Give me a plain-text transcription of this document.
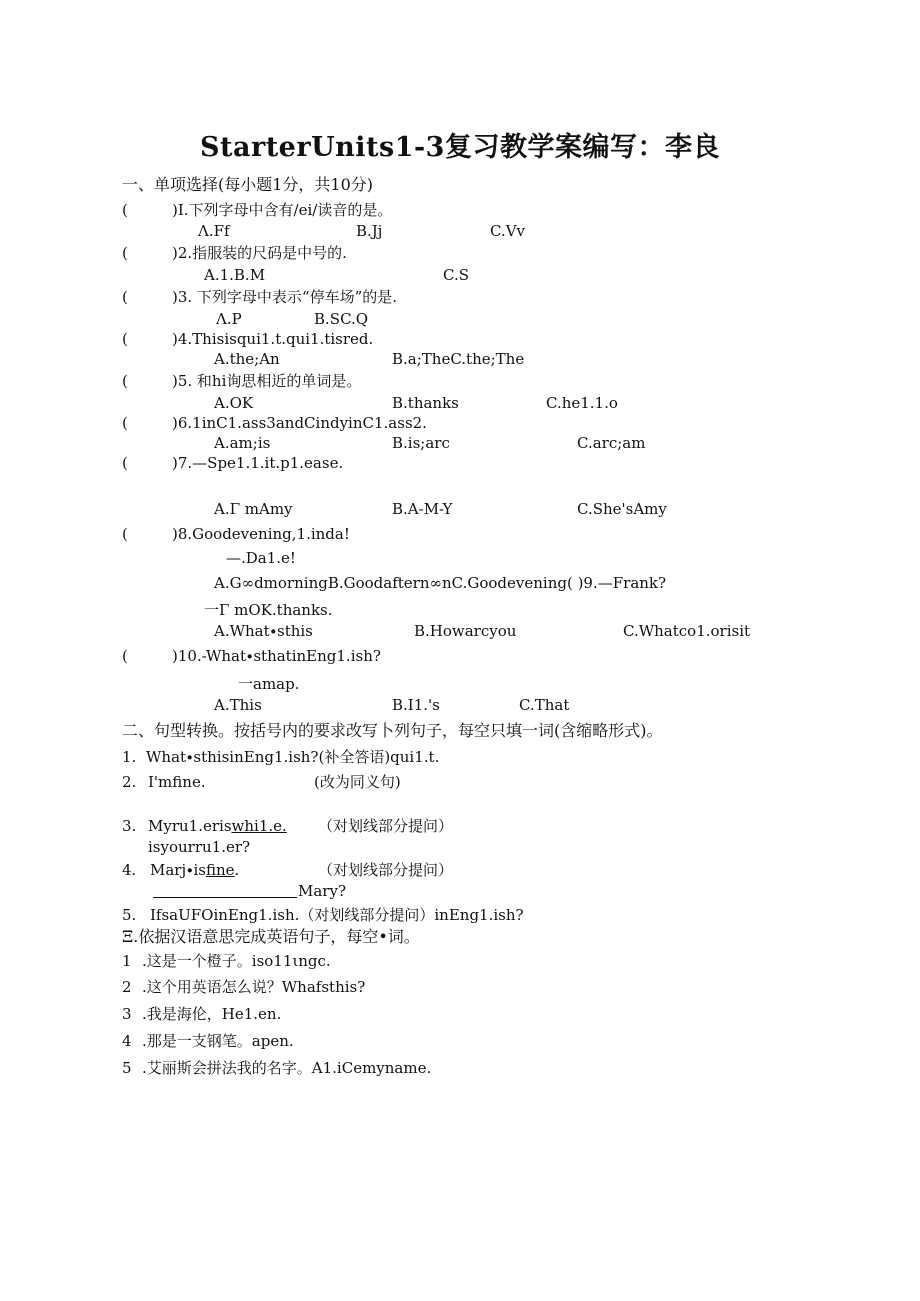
StarterUnits1-3复习教学案编写：李良
一、单项选择(每小题1分，共10分)
(	)I.下列字母中含有/ei/读音的是。
Λ.Ff	B.Jj	C.Vv
(	)2.指服装的尺码是中号的.
A.1.B.M	C.S
(	)3. 下列字母中表示“停车场”的是.
Λ.P	B.SC.Q
(	)4.Thisisqui1.t.qui1.tisred.
A.the;An	B.a;TheC.the;The
(	)5. 和hi询思相近的单词是。
A.OK	B.thanks	C.he1.1.o
(	)6.1inC1.ass3andCindyinC1.ass2.
A.am;is	B.is;arc	C.arc;am
(	)7.—Spe1.1.it.p1.ease.
A.Γ mAmy	B.A-M-Y	C.She'sAmy
(	)8.Goodevening,1.inda!
—.Da1.e!
A.G∞dmorningB.Goodaftern∞nC.Goodevening( )9.—Frank?
一Γ mOK.thanks.
A.What∙sthis	B.Howarcyou	C.Whatco1.orisit
(	)10.-What∙sthatinEng1.ish?
一amap.
A.This	B.I1.'s	C.That
二、句型转换。按括号内的要求改写卜列句子，每空只填一词(含缩略形式)。
1. What∙sthisinEng1.ish?(补全答语)qui1.t.
2. I'mfine.	(改为同义句)
3. Myru1.eriswhi1.e. （对划线部分提问）
isyourru1.er?
4. Marj∙isfine.	（对划线部分提问）
Mary?
5. IfsaUFOinEng1.ish.（对划线部分提问）inEng1.ish?
Ξ.依据汉语意思完成英语句子，每空•词。
1 .这是一个橙子。iso11ιngc.
2 .这个用英语怎么说？Whafsthis?
3 .我是海伦，He1.en.
4 .那是一支钢笔。apen.
5 .艾丽斯会拼法我的名字。A1.iCemyname.
